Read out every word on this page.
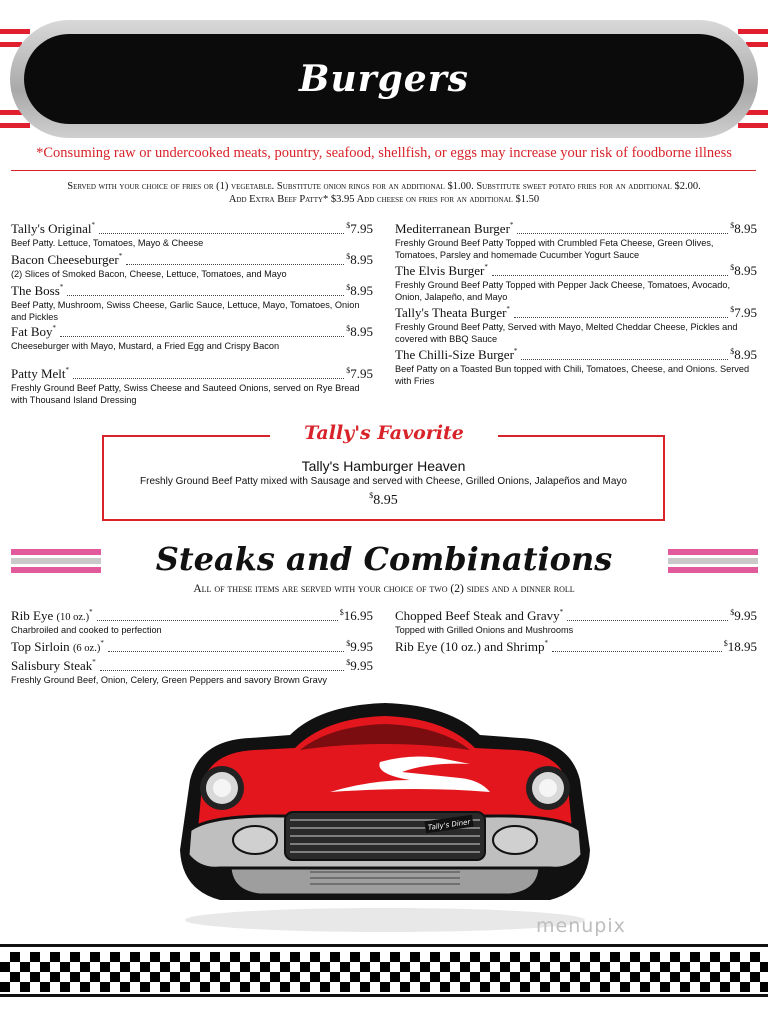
Burgers
*Consuming raw or undercooked meats, pountry, seafood, shellfish, or eggs may increase your risk of foodborne illness
Served with your choice of fries or (1) vegetable. Substitute onion rings for an additional $1.00. Substitute sweet potato fries for an additional $2.00.
Add Extra Beef Patty* $3.95 Add cheese on fries for an additional $1.50
Tally's Original*	$7.95
Beef Patty. Lettuce, Tomatoes, Mayo & Cheese
Bacon Cheeseburger*	$8.95
(2) Slices of Smoked Bacon, Cheese, Lettuce, Tomatoes, and Mayo
The Boss*	$8.95
Beef Patty, Mushroom, Swiss Cheese, Garlic Sauce, Lettuce, Mayo, Tomatoes, Onion and Pickles
Fat Boy*	$8.95
Cheeseburger with Mayo, Mustard, a Fried Egg and Crispy Bacon
Patty Melt*	$7.95
Freshly Ground Beef Patty, Swiss Cheese and Sauteed Onions, served on Rye Bread with Thousand Island Dressing
Mediterranean Burger*	$8.95
Freshly Ground Beef Patty Topped with Crumbled Feta Cheese, Green Olives, Tomatoes, Parsley and homemade Cucumber Yogurt Sauce
The Elvis Burger*	$8.95
Freshly Ground Beef Patty Topped with Pepper Jack Cheese, Tomatoes, Avocado, Onion, Jalapeño, and Mayo
Tally's Theata Burger*	$7.95
Freshly Ground Beef Patty, Served with Mayo, Melted Cheddar Cheese, Pickles and covered with BBQ Sauce
The Chilli-Size Burger*	$8.95
Beef Patty on a Toasted Bun topped with Chili, Tomatoes, Cheese, and Onions. Served with Fries
Tally's Favorite
Tally's Hamburger Heaven
Freshly Ground Beef Patty mixed with Sausage and served with Cheese, Grilled Onions, Jalapeños and Mayo
$8.95
Steaks and Combinations
All of these items are served with your choice of two (2) sides and a dinner roll
Rib Eye (10 oz.)*	$16.95
Charbroiled and cooked to perfection
Top Sirloin (6 oz.)*	$9.95
Salisbury Steak*	$9.95
Freshly Ground Beef, Onion, Celery, Green Peppers and savory Brown Gravy
Chopped Beef Steak and Gravy*	$9.95
Topped with Grilled Onions and Mushrooms
Rib Eye (10 oz.) and Shrimp*	$18.95
Tally's Diner
menupix
